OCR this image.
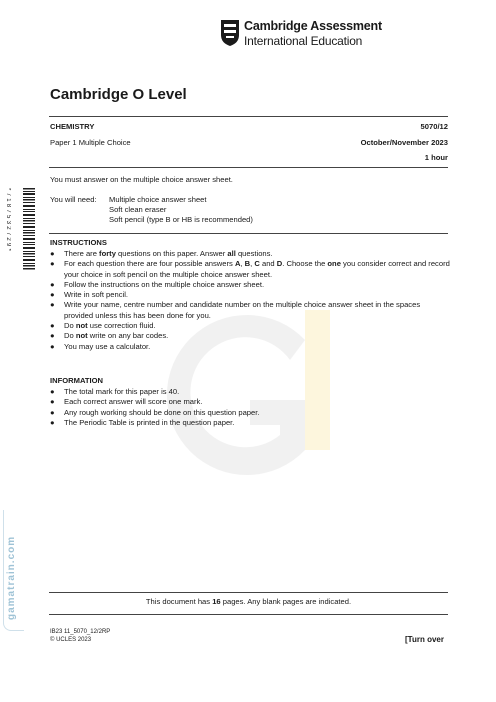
Cambridge Assessment
International Education
Cambridge O Level
CHEMISTRY	5070/12
Paper 1 Multiple Choice	October/November 2023
1 hour
You must answer on the multiple choice answer sheet.
You will need: Multiple choice answer sheet
Soft clean eraser
Soft pencil (type B or HB is recommended)
* 7 1 8 7 5 3 2 7 2 9 *	INSTRUCTIONS
● There are forty questions on this paper. Answer all questions.
● For each question there are four possible answers A, B, C and D. Choose the one you consider correct and record your choice in soft pencil on the multiple choice answer sheet.
● Follow the instructions on the multiple choice answer sheet.
● Write in soft pencil.
● Write your name, centre number and candidate number on the multiple choice answer sheet in the spaces provided unless this has been done for you.
● Do not use correction fluid.
● Do not write on any bar codes.
● You may use a calculator.
INFORMATION
● The total mark for this paper is 40.
● Each correct answer will score one mark.
● Any rough working should be done on this question paper.
● The Periodic Table is printed in the question paper.
gamatrain.com	This document has 16 pages. Any blank pages are indicated.
IB23 11_5070_12/2RP
© UCLES 2023	[Turn over
